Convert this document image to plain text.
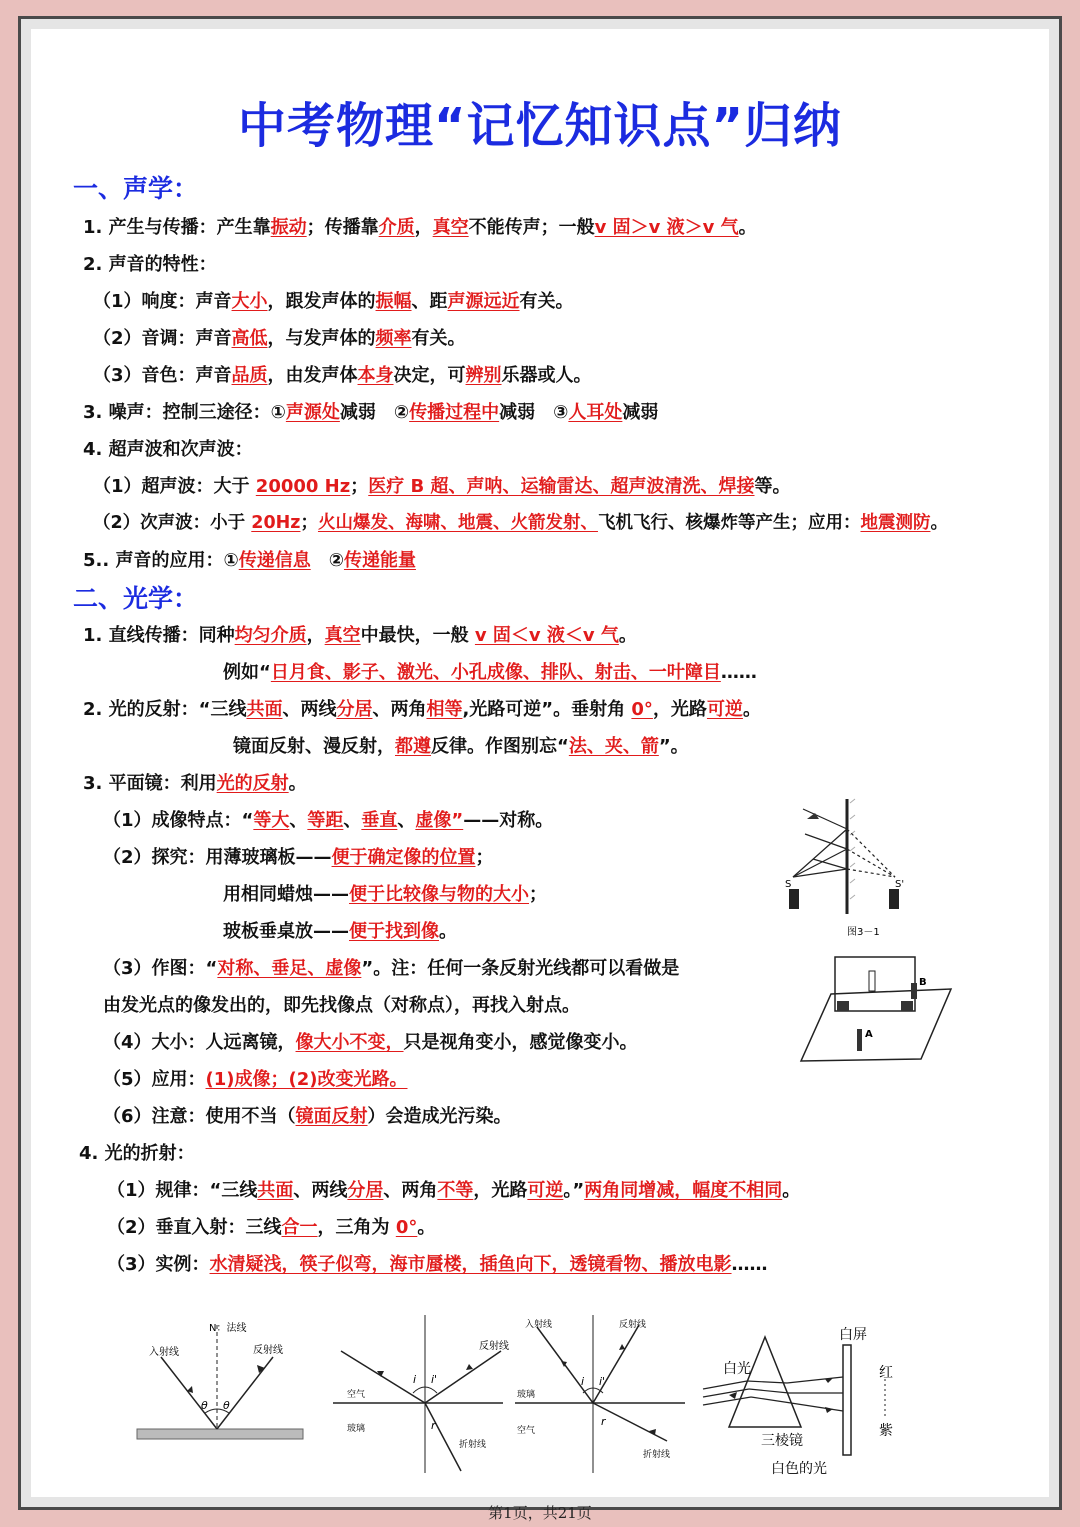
中考物理“记忆知识点”归纳
一、声学：
1. 产生与传播：产生靠振动；传播靠介质，真空不能传声；一般v 固＞v 液＞v 气。
2. 声音的特性：
（1）响度：声音大小，跟发声体的振幅、距声源远近有关。
（2）音调：声音高低，与发声体的频率有关。
（3）音色：声音品质，由发声体本身决定，可辨别乐器或人。
3. 噪声：控制三途径：①声源处减弱　②传播过程中减弱　③人耳处减弱
4. 超声波和次声波：
（1）超声波：大于 20000 Hz；医疗 B 超、声呐、运输雷达、超声波清洗、焊接等。
（2）次声波：小于 20Hz；火山爆发、海啸、地震、火箭发射、飞机飞行、核爆炸等产生；应用：地震测防。
5.. 声音的应用：①传递信息　②传递能量
二、光学：
1. 直线传播：同种均匀介质，真空中最快，一般 v 固＜v 液＜v 气。
例如“日月食、影子、激光、小孔成像、排队、射击、一叶障目……
2. 光的反射：“三线共面、两线分居、两角相等,光路可逆”。垂射角 0°，光路可逆。
镜面反射、漫反射，都遵反律。作图别忘“法、夹、箭”。
3. 平面镜：利用光的反射。
（1）成像特点：“等大、等距、垂直、虚像”——对称。
（2）探究：用薄玻璃板——便于确定像的位置；
用相同蜡烛——便于比较像与物的大小；
玻板垂桌放——便于找到像。
（3）作图：“对称、垂足、虚像”。注：任何一条反射光线都可以看做是
由发光点的像发出的，即先找像点（对称点），再找入射点。
（4）大小：人远离镜，像大小不变，只是视角变小，感觉像变小。
（5）应用：(1)成像；(2)改变光路。
（6）注意：使用不当（镜面反射）会造成光污染。
4. 光的折射：
（1）规律：“三线共面、两线分居、两角不等，光路可逆。”两角同增减，幅度不相同。
（2）垂直入射：三线合一，三角为 0°。
（3）实例：水清疑浅，筷子似弯，海市蜃楼，插鱼向下，透镜看物、播放电影……
S	S'
图3－1
B
A
N：法线
入射线	反射线
θ θ
反射线
空气
玻璃
折射线
i i'
r
入射线	反射线
玻璃
空气
折射线
i i'
r
白屏
白光	红
紫
三棱镜
白色的光
第1页，共21页
